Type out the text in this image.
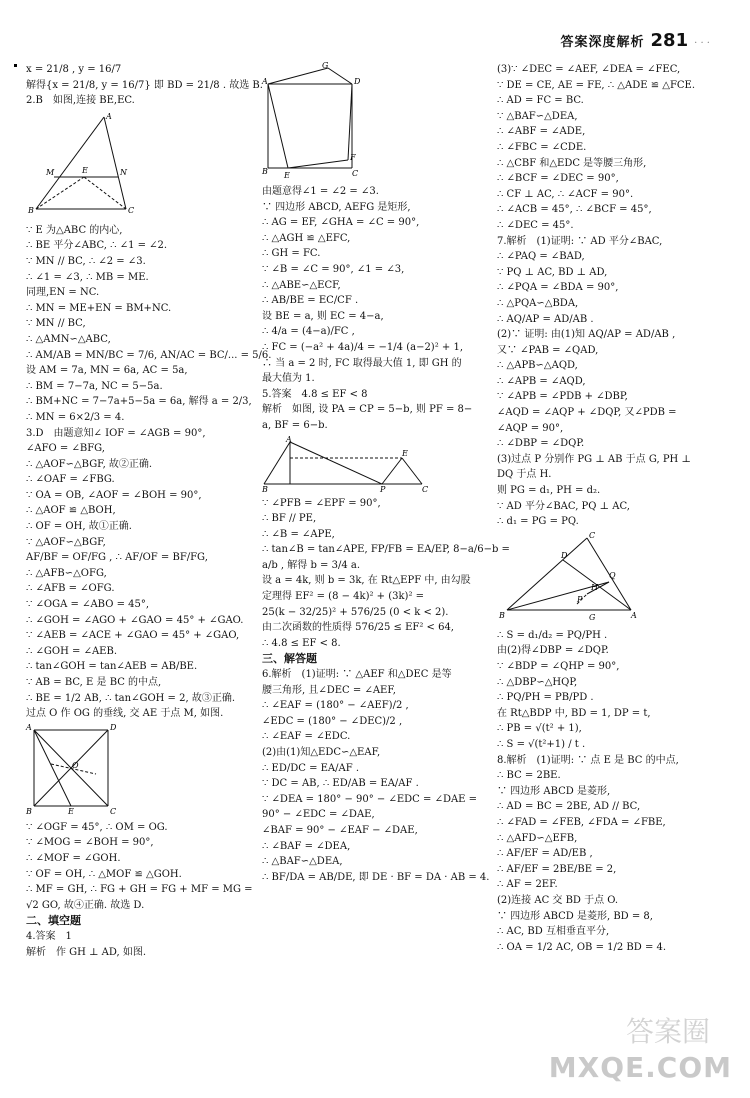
答案深度解析 281 · · ·
x = 21/8 , y = 16/7
解得{x = 21/8, y = 16/7} 即 BD = 21/8 . 故选 B.
2.B　如图,连接 BE,EC.
A
B	C
M	N
E
∵ E 为△ABC 的内心,
∴ BE 平分∠ABC, ∴ ∠1 = ∠2.
∵ MN // BC, ∴ ∠2 = ∠3.
∴ ∠1 = ∠3, ∴ MB = ME.
同理,EN = NC.
∴ MN = ME+EN = BM+NC.
∵ MN // BC,
∴ △AMN∽△ABC,
∴ AM/AB = MN/BC = 7/6, AN/AC = BC/... = 5/6.
设 AM = 7a, MN = 6a, AC = 5a,
∴ BM = 7−7a, NC = 5−5a.
∴ BM+NC = 7−7a+5−5a = 6a, 解得 a = 2/3,
∴ MN = 6×2/3 = 4.
3.D　由题意知∠ IOF = ∠AGB = 90°,
∠AFO = ∠BFG,
∴ △AOF∽△BGF, 故②正确.
∴ ∠OAF = ∠FBG.
∵ OA = OB, ∠AOF = ∠BOH = 90°,
∴ △AOF ≌ △BOH,
∴ OF = OH, 故①正确.
∵ △AOF∽△BGF,
AF/BF = OF/FG , ∴ AF/OF = BF/FG,
∴ △AFB∽△OFG,
∴ ∠AFB = ∠OFG.
∵ ∠OGA = ∠ABO = 45°,
∴ ∠GOH = ∠AGO + ∠GAO = 45° + ∠GAO.
∵ ∠AEB = ∠ACE + ∠GAO = 45° + ∠GAO,
∴ ∠GOH = ∠AEB.
∴ tan∠GOH = tan∠AEB = AB/BE.
∵ AB = BC, E 是 BC 的中点,
∴ BE = 1/2 AB, ∴ tan∠GOH = 2, 故③正确.
过点 O 作 OG 的垂线, 交 AE 于点 M, 如图.
A	D
B	C
E
O
∵ ∠OGF = 45°, ∴ OM = OG.
∵ ∠MOG = ∠BOH = 90°,
∴ ∠MOF = ∠GOH.
∵ OF = OH, ∴ △MOF ≌ △GOH.
∴ MF = GH, ∴ FG + GH = FG + MF = MG =
√2 GO, 故④正确. 故选 D.
二、填空题
4.答案　1
解析　作 GH ⊥ AD, 如图.
G
A	D
B	C
E
F
由题意得∠1 = ∠2 = ∠3.
∵ 四边形 ABCD, AEFG 是矩形,
∴ AG = EF, ∠GHA = ∠C = 90°,
∴ △AGH ≌ △EFC,
∴ GH = FC.
∵ ∠B = ∠C = 90°, ∠1 = ∠3,
∴ △ABE∽△ECF,
∴ AB/BE = EC/CF .
设 BE = a, 则 EC = 4−a,
∴ 4/a = (4−a)/FC ,
∴ FC = (−a² + 4a)/4 = −1/4 (a−2)² + 1,
∴ 当 a = 2 时, FC 取得最大值 1, 即 GH 的
最大值为 1.
5.答案　4.8 ≤ EF < 8
解析　如图, 设 PA = CP = 5−b, 则 PF = 8−
a, BF = 6−b.
A
B	P	C
E
∵ ∠PFB = ∠EPF = 90°,
∴ BF // PE,
∴ ∠B = ∠APE,
∴ tan∠B = tan∠APE, FP/FB = EA/EP, 8−a/6−b =
a/b , 解得 b = 3/4 a.
设 a = 4k, 则 b = 3k, 在 Rt△EPF 中, 由勾股
定理得 EF² = (8 − 4k)² + (3k)² =
25(k − 32/25)² + 576/25 (0 < k < 2).
由二次函数的性质得 576/25 ≤ EF² < 64,
∴ 4.8 ≤ EF < 8.
三、解答题
6.解析　(1)证明: ∵ △AEF 和△DEC 是等
腰三角形, 且∠DEC = ∠AEF,
∴ ∠EAF = (180° − ∠AEF)/2 ,
∠EDC = (180° − ∠DEC)/2 ,
∴ ∠EAF = ∠EDC.
(2)由(1)知△EDC∽△EAF,
∴ ED/DC = EA/AF .
∵ DC = AB, ∴ ED/AB = EA/AF .
∵ ∠DEA = 180° − 90° − ∠EDC = ∠DAE =
90° − ∠EDC = ∠DAE,
∠BAF = 90° − ∠EAF − ∠DAE,
∴ ∠BAF = ∠DEA,
∴ △BAF∽△DEA,
∴ BF/DA = AB/DE, 即 DE · BF = DA · AB = 4.
(3)∵ ∠DEC = ∠AEF, ∠DEA = ∠FEC,
∵ DE = CE, AE = FE, ∴ △ADE ≌ △FCE.
∴ AD = FC = BC.
∵ △BAF∽△DEA,
∴ ∠ABF = ∠ADE,
∴ ∠FBC = ∠CDE.
∴ △CBF 和△EDC 是等腰三角形,
∴ ∠BCF = ∠DEC = 90°,
∴ CF ⊥ AC, ∴ ∠ACF = 90°.
∴ ∠ACB = 45°, ∴ ∠BCF = 45°,
∴ ∠DEC = 45°.
7.解析　(1)证明: ∵ AD 平分∠BAC,
∴ ∠PAQ = ∠BAD,
∵ PQ ⊥ AC, BD ⊥ AD,
∴ ∠PQA = ∠BDA = 90°,
∴ △PQA∽△BDA,
∴ AQ/AP = AD/AB .
(2)∵ 证明: 由(1)知 AQ/AP = AD/AB ,
又∵ ∠PAB = ∠QAD,
∴ △APB∽△AQD,
∴ ∠APB = ∠AQD,
∵ ∠APB = ∠PDB + ∠DBP,
∠AQD = ∠AQP + ∠DQP, 又∠PDB =
∠AQP = 90°,
∴ ∠DBP = ∠DQP.
(3)过点 P 分别作 PG ⊥ AB 于点 G, PH ⊥
DQ 于点 H.
则 PG = d₁, PH = d₂.
∵ AD 平分∠BAC, PQ ⊥ AC,
∴ d₁ = PG = PQ.
C
B	A
D
Q
H
P
G
∴ S = d₁/d₂ = PQ/PH .
由(2)得∠DBP = ∠DQP.
∵ ∠BDP = ∠QHP = 90°,
∴ △DBP∽△HQP,
∴ PQ/PH = PB/PD .
在 Rt△BDP 中, BD = 1, DP = t,
∴ PB = √(t² + 1),
∴ S = √(t²+1) / t .
8.解析　(1)证明: ∵ 点 E 是 BC 的中点,
∴ BC = 2BE.
∵ 四边形 ABCD 是菱形,
∴ AD = BC = 2BE, AD // BC,
∴ ∠FAD = ∠FEB, ∠FDA = ∠FBE,
∴ △AFD∽△EFB,
∴ AF/EF = AD/EB ,
∴ AF/EF = 2BE/BE = 2,
∴ AF = 2EF.
(2)连接 AC 交 BD 于点 O.
∵ 四边形 ABCD 是菱形, BD = 8,
∴ AC, BD 互相垂直平分,
∴ OA = 1/2 AC, OB = 1/2 BD = 4.
答案圈
MXQE.COM
